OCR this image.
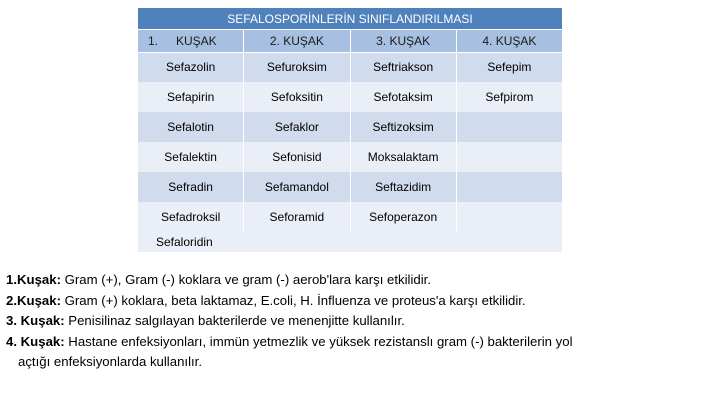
SEFALOSPORİNLERİN SINIFLANDIRILMASI
1. KUŞAK	2. KUŞAK	3. KUŞAK	4. KUŞAK
Sefazolin	Sefuroksim	Seftriakson	Sefepim
Sefapirin	Sefoksitin	Sefotaksim	Sefpirom
Sefalotin	Sefaklor	Seftizoksim	
Sefalektin	Sefonisid	Moksalaktam	
Sefradin	Sefamandol	Seftazidim	
Sefadroksil	Seforamid	Sefoperazon	
Sefaloridin			

1.Kuşak: Gram (+), Gram (-) koklara ve gram (-) aerob'lara karşı etkilidir.

2.Kuşak: Gram (+) koklara, beta laktamaz, E.coli, H. İnfluenza ve proteus'a karşı etkilidir.

3. Kuşak: Penisilinaz salgılayan bakterilerde ve menenjitte kullanılır.

4. Kuşak: Hastane enfeksiyonları, immün yetmezlik ve yüksek rezistanslı gram (-) bakterilerin yol

açtığı enfeksiyonlarda kullanılır.
